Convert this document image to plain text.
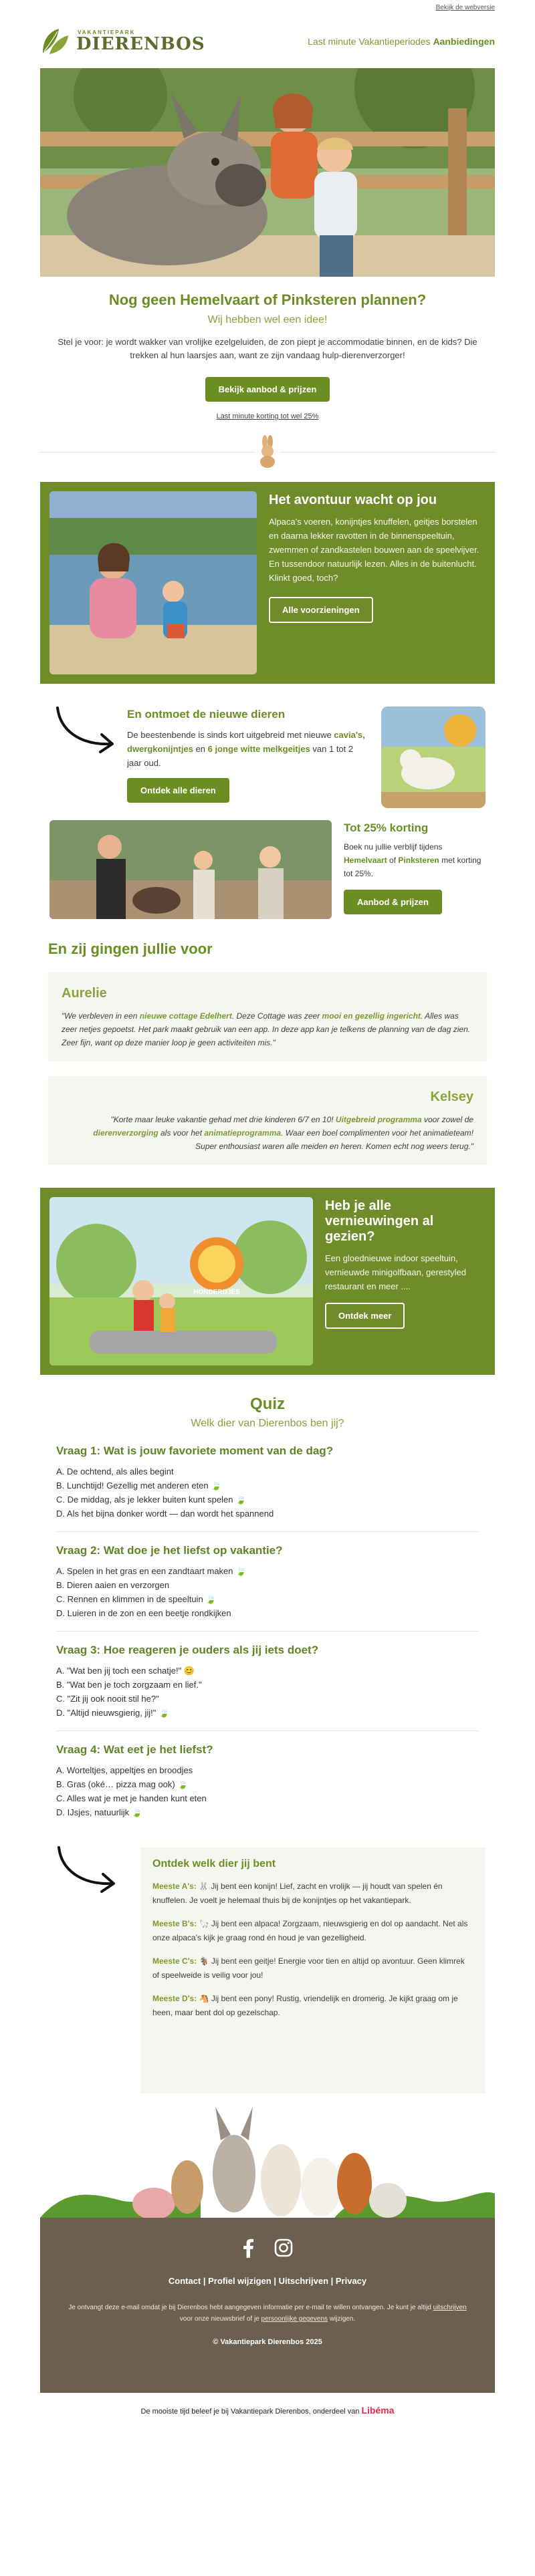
Bekijk de webversie
VAKANTIEPARK
DIERENBOS	Last minute Vakantieperiodes Aanbiedingen
Nog geen Hemelvaart of Pinksteren plannen?
Wij hebben wel een idee!
Stel je voor: je wordt wakker van vrolijke ezelgeluiden, de zon piept je accommodatie binnen, en de kids? Die trekken al hun laarsjes aan, want ze zijn vandaag hulp-dierenverzorger!
Bekijk aanbod & prijzen
Last minute korting tot wel 25%
Het avontuur wacht op jou
Alpaca's voeren, konijntjes knuffelen, geitjes borstelen en daarna lekker ravotten in de binnenspeeltuin, zwemmen of zandkastelen bouwen aan de speelvijver. En tussendoor natuurlijk lezen. Alles in de buitenlucht. Klinkt goed, toch?
Alle voorzieningen
En ontmoet de nieuwe dieren
De beestenbende is sinds kort uitgebreid met nieuwe cavia's, dwergkonijntjes en 6 jonge witte melkgeitjes van 1 tot 2 jaar oud.
Ontdek alle dieren
Tot 25% korting
Boek nu jullie verblijf tijdens Hemelvaart of Pinksteren met korting tot 25%.
Aanbod & prijzen
En zij gingen jullie voor
Aurelie
"We verbleven in een nieuwe cottage Edelhert. Deze Cottage was zeer mooi en gezellig ingericht. Alles was zeer netjes gepoetst. Het park maakt gebruik van een app. In deze app kan je telkens de planning van de dag zien. Zeer fijn, want op deze manier loop je geen activiteiten mis."
Kelsey
"Korte maar leuke vakantie gehad met drie kinderen 6/7 en 10! Uitgebreid programma voor zowel de dierenverzorging als voor het animatieprogramma. Waar een boel complimenten voor het animatieteam! Super enthousiast waren alle meiden en heren. Komen echt nog weers terug."
HONDERDJES
Heb je alle vernieuwingen al gezien?
Een gloednieuwe indoor speeltuin, vernieuwde minigolfbaan, gerestyled restaurant en meer ....
Ontdek meer
Quiz
Welk dier van Dierenbos ben jij?
Vraag 1: Wat is jouw favoriete moment van de dag?
A. De ochtend, als alles begint
B. Lunchtijd! Gezellig met anderen eten 🍃
C. De middag, als je lekker buiten kunt spelen 🍃
D. Als het bijna donker wordt — dan wordt het spannend
Vraag 2: Wat doe je het liefst op vakantie?
A. Spelen in het gras en een zandtaart maken 🍃
B. Dieren aaien en verzorgen
C. Rennen en klimmen in de speeltuin 🍃
D. Luieren in de zon en een beetje rondkijken
Vraag 3: Hoe reageren je ouders als jij iets doet?
A. "Wat ben jij toch een schatje!" 😊
B. "Wat ben je toch zorgzaam en lief."
C. "Zit jij ook nooit stil he?"
D. "Altijd nieuwsgierig, jij!" 🍃
Vraag 4: Wat eet je het liefst?
A. Worteltjes, appeltjes en broodjes
B. Gras (oké… pizza mag ook) 🍃
C. Alles wat je met je handen kunt eten
D. IJsjes, natuurlijk 🍃
Ontdek welk dier jij bent
Meeste A's: 🐰 Jij bent een konijn! Lief, zacht en vrolijk — jij houdt van spelen én knuffelen. Je voelt je helemaal thuis bij de konijntjes op het vakantiepark.
Meeste B's: 🦙 Jij bent een alpaca! Zorgzaam, nieuwsgierig en dol op aandacht. Net als onze alpaca's kijk je graag rond én houd je van gezelligheid.
Meeste C's: 🐐 Jij bent een geitje! Energie voor tien en altijd op avontuur. Geen klimrek of speelweide is veilig voor jou!
Meeste D's: 🐴 Jij bent een pony! Rustig, vriendelijk en dromerig. Je kijkt graag om je heen, maar bent dol op gezelschap.
Contact | Profiel wijzigen | Uitschrijven | Privacy
Je ontvangt deze e-mail omdat je bij Dierenbos hebt aangegeven informatie per e-mail te willen ontvangen. Je kunt je altijd uitschrijven voor onze nieuwsbrief of je persoonlijke gegevens wijzigen.
© Vakantiepark Dierenbos 2025
De mooiste tijd beleef je bij Vakantiepark Dierenbos, onderdeel van Libéma
